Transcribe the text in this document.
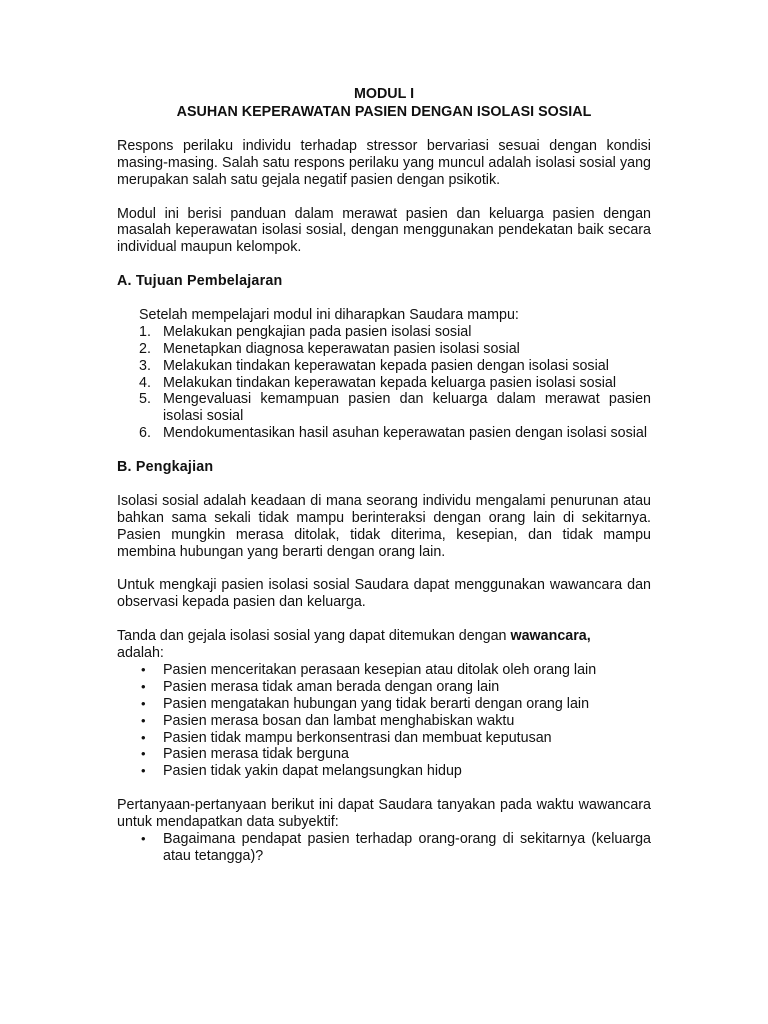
MODUL I

ASUHAN KEPERAWATAN PASIEN DENGAN ISOLASI SOSIAL

Respons perilaku individu terhadap stressor bervariasi sesuai dengan kondisi masing-masing. Salah satu respons perilaku yang muncul adalah isolasi sosial yang merupakan salah satu gejala negatif pasien dengan psikotik.

Modul ini berisi panduan dalam merawat pasien dan keluarga pasien dengan masalah keperawatan isolasi sosial, dengan menggunakan pendekatan baik secara individual maupun kelompok.

A. Tujuan Pembelajaran

Setelah mempelajari modul ini diharapkan Saudara mampu:

1. Melakukan pengkajian pada pasien isolasi sosial
2. Menetapkan diagnosa keperawatan pasien isolasi sosial
3. Melakukan tindakan keperawatan kepada pasien dengan isolasi sosial
4. Melakukan tindakan keperawatan kepada keluarga pasien isolasi sosial
5. Mengevaluasi kemampuan pasien dan keluarga dalam merawat pasien isolasi sosial
6. Mendokumentasikan hasil asuhan keperawatan pasien dengan isolasi sosial
B. Pengkajian

Isolasi sosial adalah keadaan di mana seorang individu mengalami penurunan atau bahkan sama sekali tidak mampu berinteraksi dengan orang lain di sekitarnya. Pasien mungkin merasa ditolak, tidak diterima, kesepian, dan tidak mampu membina hubungan yang berarti dengan orang lain.

Untuk mengkaji pasien isolasi sosial Saudara dapat menggunakan wawancara dan observasi kepada pasien dan keluarga.

Tanda dan gejala isolasi sosial yang dapat ditemukan dengan wawancara,
adalah:

• Pasien menceritakan perasaan kesepian atau ditolak oleh orang lain
• Pasien merasa tidak aman berada dengan orang lain
• Pasien mengatakan hubungan yang tidak berarti dengan orang lain
• Pasien merasa bosan dan lambat menghabiskan waktu
• Pasien tidak mampu berkonsentrasi dan membuat keputusan
• Pasien merasa tidak berguna
• Pasien tidak yakin dapat melangsungkan hidup

Pertanyaan-pertanyaan berikut ini dapat Saudara tanyakan pada waktu wawancara untuk mendapatkan data subyektif:

• Bagaimana pendapat pasien terhadap orang-orang di sekitarnya (keluarga atau tetangga)?
